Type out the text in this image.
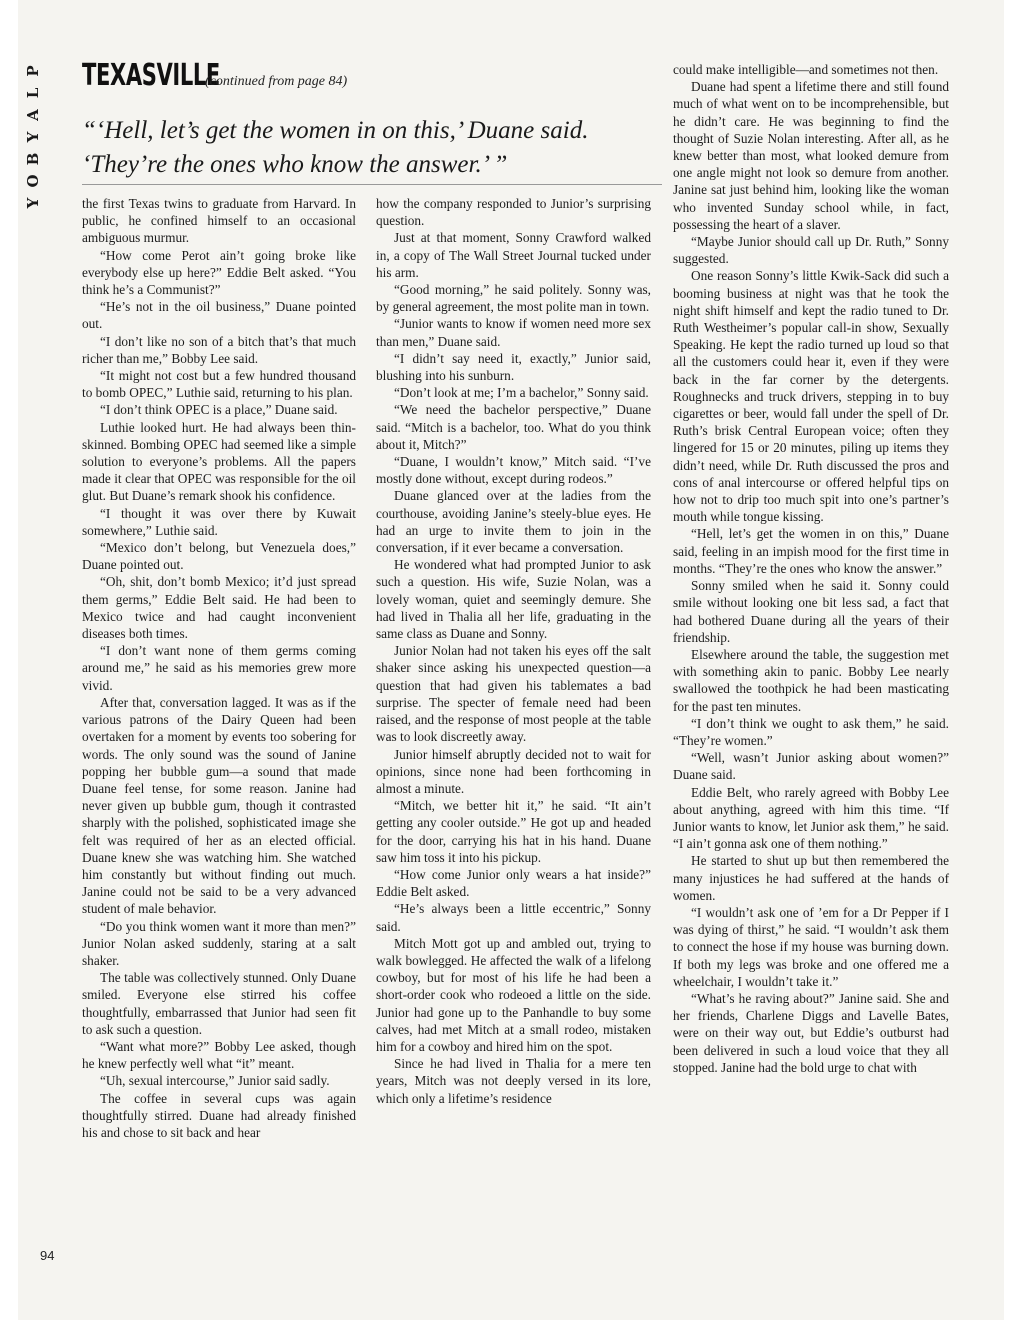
P
L
A
Y
B
O
Y
TEXASVILLE
(continued from page 84)
“‘Hell, let’s get the women in on this,’ Duane said. ‘They’re the ones who know the answer.’ ”

the first Texas twins to graduate from Harvard. In public, he confined himself to an occasional ambiguous murmur.

“How come Perot ain’t going broke like everybody else up here?” Eddie Belt asked. “You think he’s a Communist?”

“He’s not in the oil business,” Duane pointed out.

“I don’t like no son of a bitch that’s that much richer than me,” Bobby Lee said.

“It might not cost but a few hundred thousand to bomb OPEC,” Luthie said, returning to his plan.

“I don’t think OPEC is a place,” Duane said.

Luthie looked hurt. He had always been thin-skinned. Bombing OPEC had seemed like a simple solution to everyone’s problems. All the papers made it clear that OPEC was responsible for the oil glut. But Duane’s remark shook his confidence.

“I thought it was over there by Kuwait somewhere,” Luthie said.

“Mexico don’t belong, but Venezuela does,” Duane pointed out.

“Oh, shit, don’t bomb Mexico; it’d just spread them germs,” Eddie Belt said. He had been to Mexico twice and had caught inconvenient diseases both times.

“I don’t want none of them germs coming around me,” he said as his memories grew more vivid.

After that, conversation lagged. It was as if the various patrons of the Dairy Queen had been overtaken for a moment by events too sobering for words. The only sound was the sound of Janine popping her bubble gum—a sound that made Duane feel tense, for some reason. Janine had never given up bubble gum, though it contrasted sharply with the polished, sophisticated image she felt was required of her as an elected official. Duane knew she was watching him. She watched him constantly but without finding out much. Janine could not be said to be a very advanced student of male behavior.

“Do you think women want it more than men?” Junior Nolan asked suddenly, staring at a salt shaker.

The table was collectively stunned. Only Duane smiled. Everyone else stirred his coffee thoughtfully, embarrassed that Junior had seen fit to ask such a question.

“Want what more?” Bobby Lee asked, though he knew perfectly well what “it” meant.

“Uh, sexual intercourse,” Junior said sadly.

The coffee in several cups was again thoughtfully stirred. Duane had already finished his and chose to sit back and hear

how the company responded to Junior’s surprising question.

Just at that moment, Sonny Crawford walked in, a copy of The Wall Street Journal tucked under his arm.

“Good morning,” he said politely. Sonny was, by general agreement, the most polite man in town.

“Junior wants to know if women need more sex than men,” Duane said.

“I didn’t say need it, exactly,” Junior said, blushing into his sunburn.

“Don’t look at me; I’m a bachelor,” Sonny said.

“We need the bachelor perspective,” Duane said. “Mitch is a bachelor, too. What do you think about it, Mitch?”

“Duane, I wouldn’t know,” Mitch said. “I’ve mostly done without, except during rodeos.”

Duane glanced over at the ladies from the courthouse, avoiding Janine’s steely-blue eyes. He had an urge to invite them to join in the conversation, if it ever became a conversation.

He wondered what had prompted Junior to ask such a question. His wife, Suzie Nolan, was a lovely woman, quiet and seemingly demure. She had lived in Thalia all her life, graduating in the same class as Duane and Sonny.

Junior Nolan had not taken his eyes off the salt shaker since asking his unexpected question—a question that had given his tablemates a bad surprise. The specter of female need had been raised, and the response of most people at the table was to look discreetly away.

Junior himself abruptly decided not to wait for opinions, since none had been forthcoming in almost a minute.

“Mitch, we better hit it,” he said. “It ain’t getting any cooler outside.” He got up and headed for the door, carrying his hat in his hand. Duane saw him toss it into his pickup.

“How come Junior only wears a hat inside?” Eddie Belt asked.

“He’s always been a little eccentric,” Sonny said.

Mitch Mott got up and ambled out, trying to walk bowlegged. He affected the walk of a lifelong cowboy, but for most of his life he had been a short-order cook who rodeoed a little on the side. Junior had gone up to the Panhandle to buy some calves, had met Mitch at a small rodeo, mistaken him for a cowboy and hired him on the spot.

Since he had lived in Thalia for a mere ten years, Mitch was not deeply versed in its lore, which only a lifetime’s residence

could make intelligible—and sometimes not then.

Duane had spent a lifetime there and still found much of what went on to be incomprehensible, but he didn’t care. He was beginning to find the thought of Suzie Nolan interesting. After all, as he knew better than most, what looked demure from one angle might not look so demure from another. Janine sat just behind him, looking like the woman who invented Sunday school while, in fact, possessing the heart of a slaver.

“Maybe Junior should call up Dr. Ruth,” Sonny suggested.

One reason Sonny’s little Kwik-Sack did such a booming business at night was that he took the night shift himself and kept the radio tuned to Dr. Ruth Westheimer’s popular call-in show, Sexually Speaking. He kept the radio turned up loud so that all the customers could hear it, even if they were back in the far corner by the detergents. Roughnecks and truck drivers, stepping in to buy cigarettes or beer, would fall under the spell of Dr. Ruth’s brisk Central European voice; often they lingered for 15 or 20 minutes, piling up items they didn’t need, while Dr. Ruth discussed the pros and cons of anal intercourse or offered helpful tips on how not to drip too much spit into one’s partner’s mouth while tongue kissing.

“Hell, let’s get the women in on this,” Duane said, feeling in an impish mood for the first time in months. “They’re the ones who know the answer.”

Sonny smiled when he said it. Sonny could smile without looking one bit less sad, a fact that had bothered Duane during all the years of their friendship.

Elsewhere around the table, the suggestion met with something akin to panic. Bobby Lee nearly swallowed the toothpick he had been masticating for the past ten minutes.

“I don’t think we ought to ask them,” he said. “They’re women.”

“Well, wasn’t Junior asking about women?” Duane said.

Eddie Belt, who rarely agreed with Bobby Lee about anything, agreed with him this time. “If Junior wants to know, let Junior ask them,” he said. “I ain’t gonna ask one of them nothing.”

He started to shut up but then remembered the many injustices he had suffered at the hands of women.

“I wouldn’t ask one of ’em for a Dr Pepper if I was dying of thirst,” he said. “I wouldn’t ask them to connect the hose if my house was burning down. If both my legs was broke and one offered me a wheelchair, I wouldn’t take it.”

“What’s he raving about?” Janine said. She and her friends, Charlene Diggs and Lavelle Bates, were on their way out, but Eddie’s outburst had been delivered in such a loud voice that they all stopped. Janine had the bold urge to chat with

94
